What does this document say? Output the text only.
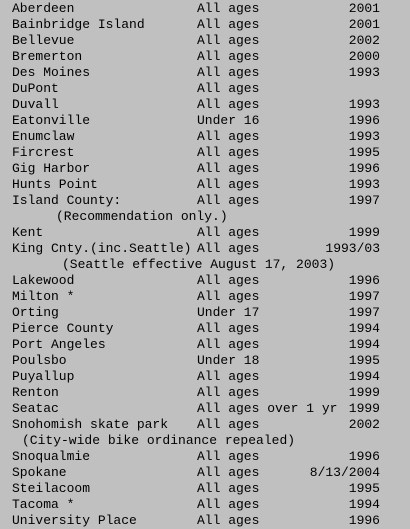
Aberdeen	All ages	2001
Bainbridge Island	All ages	2001
Bellevue	All ages	2002
Bremerton	All ages	2000
Des Moines	All ages	1993
DuPont	All ages
Duvall	All ages	1993
Eatonville	Under 16	1996
Enumclaw	All ages	1993
Fircrest	All ages	1995
Gig Harbor	All ages	1996
Hunts Point	All ages	1993
Island County:	All ages	1997
(Recommendation only.)
Kent	All ages	1999
King Cnty.(inc.Seattle) All ages	1993/03
(Seattle effective August 17, 2003)
Lakewood	All ages	1996
Milton *	All ages	1997
Orting	Under 17	1997
Pierce County	All ages	1994
Port Angeles	All ages	1994
Poulsbo	Under 18	1995
Puyallup	All ages	1994
Renton	All ages	1999
Seatac	All ages over 1 yr 1999
Snohomish skate park All ages	2002
(City-wide bike ordinance repealed)
Snoqualmie	All ages	1996
Spokane	All ages	8/13/2004
Steilacoom	All ages	1995
Tacoma *	All ages	1994
University Place	All ages	1996
